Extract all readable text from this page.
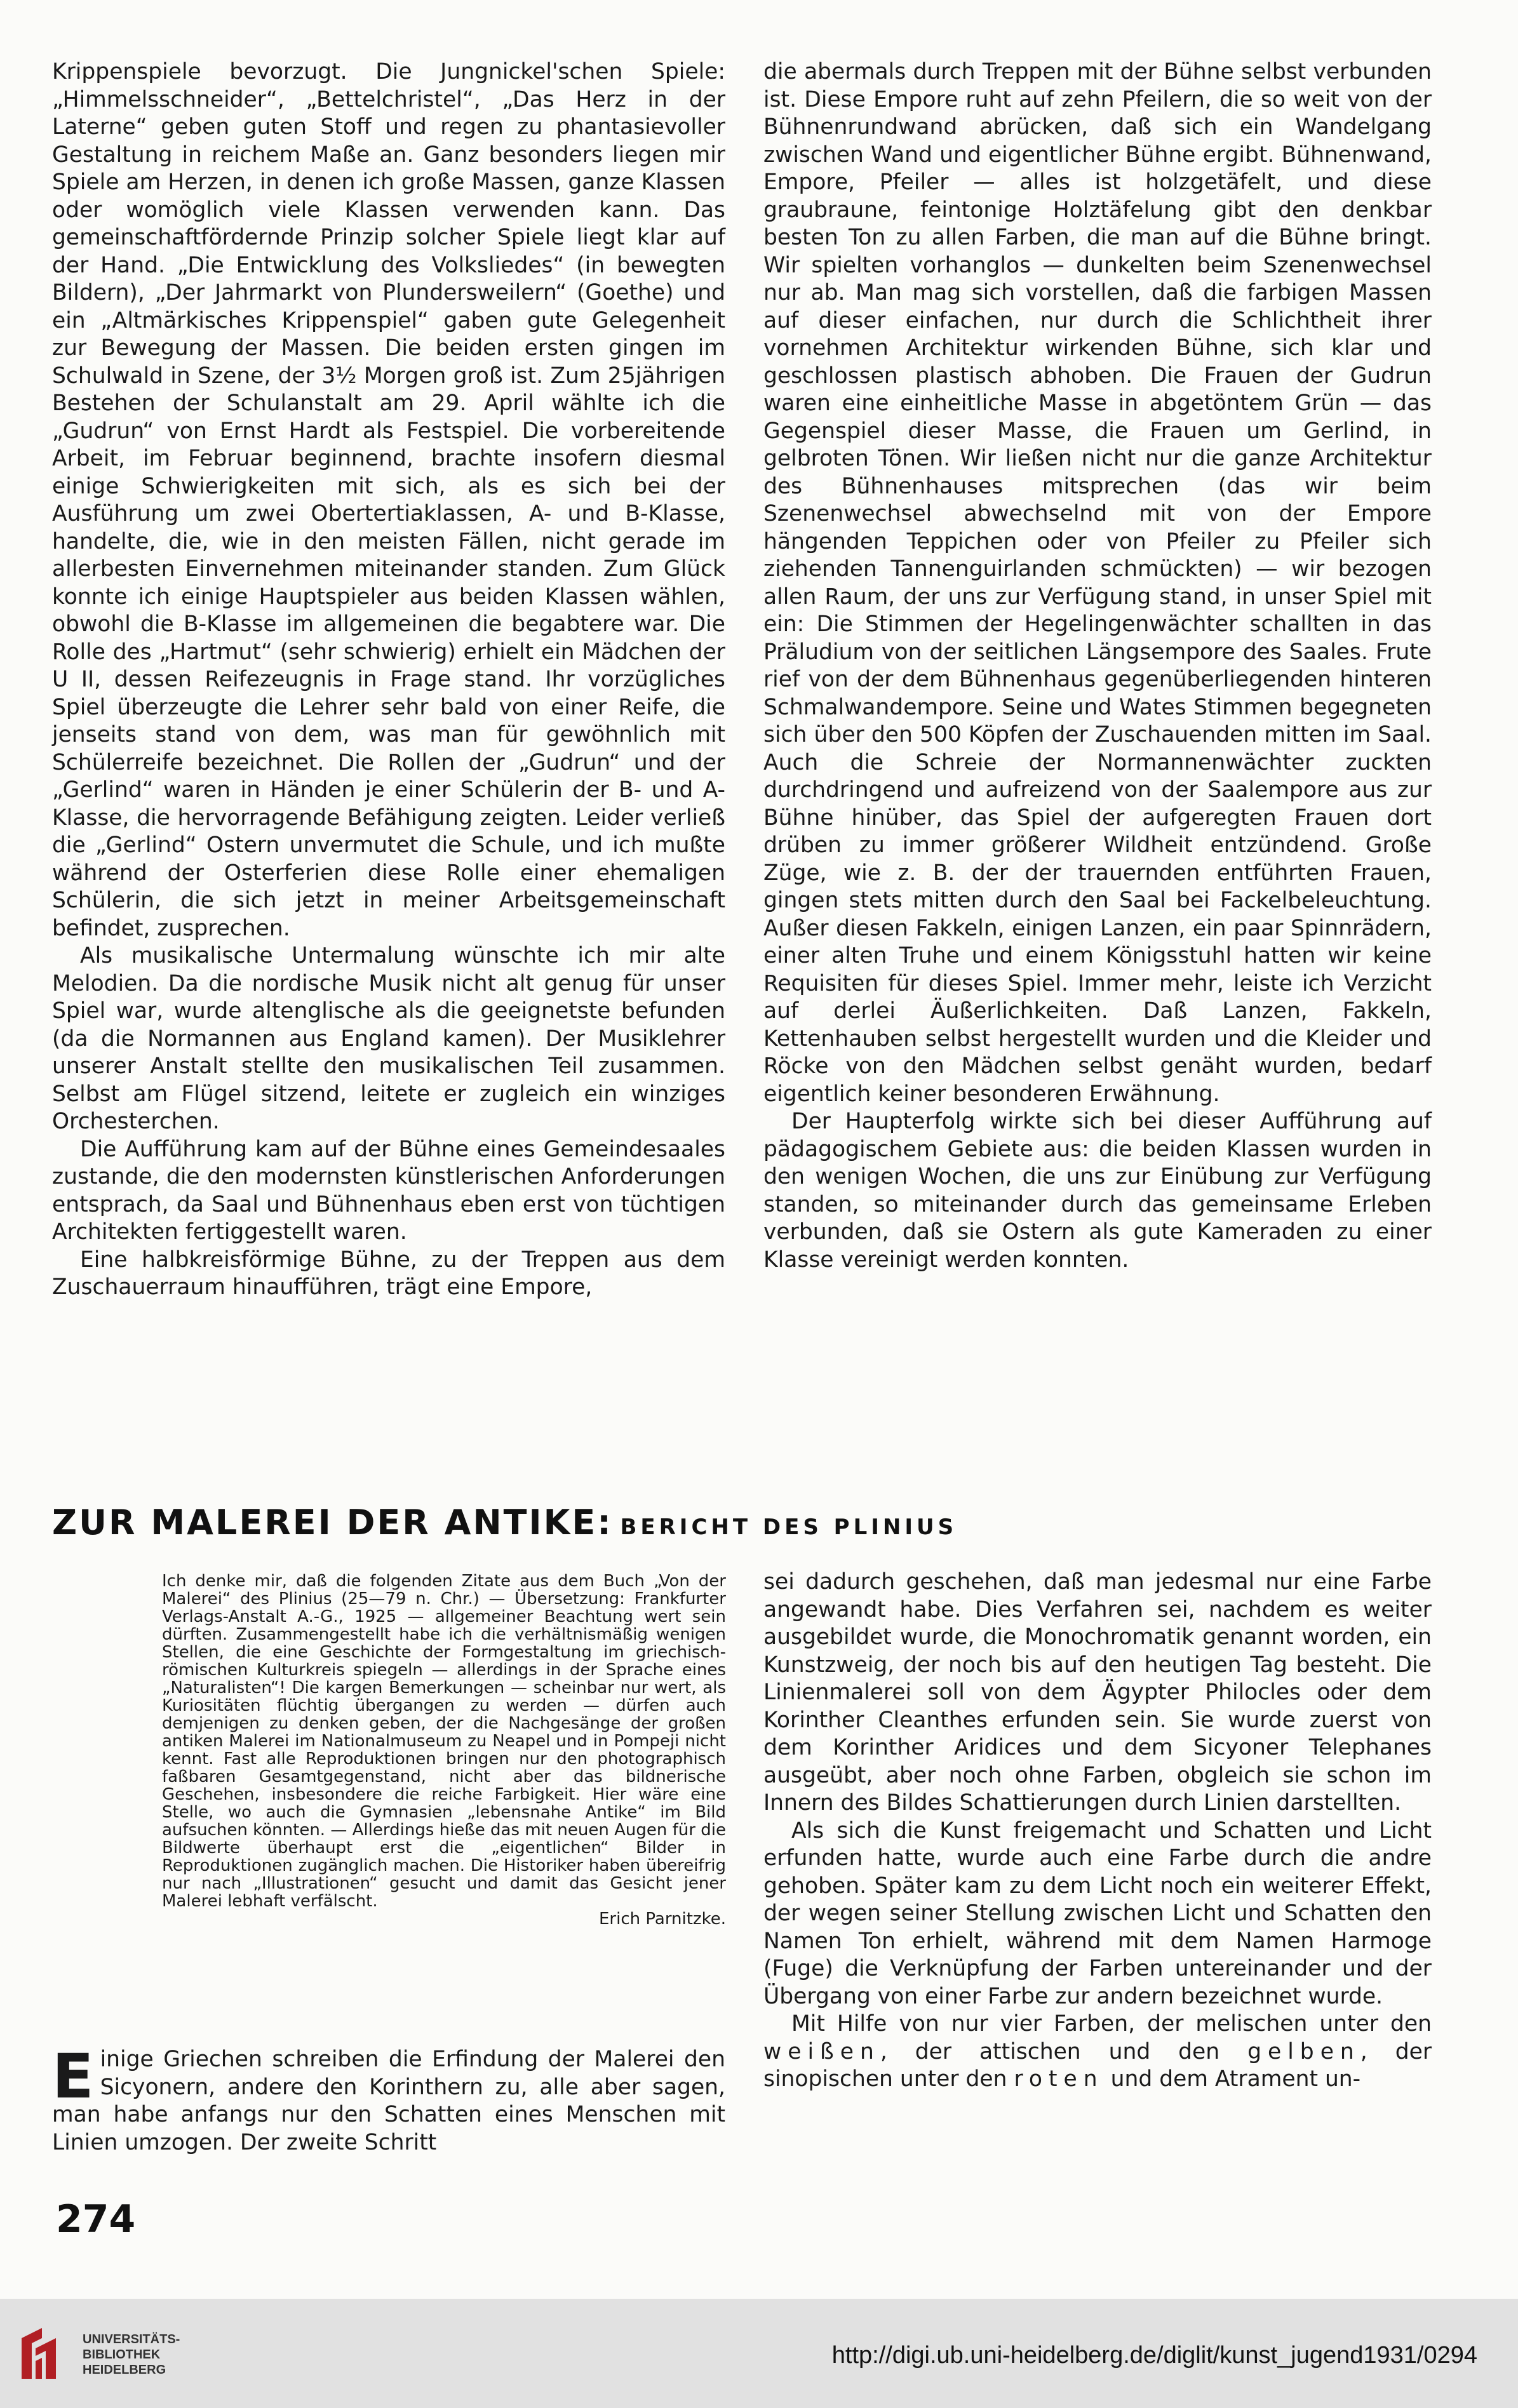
Krippenspiele bevorzugt. Die Jungnickel'schen Spiele: „Himmelsschneider“, „Bettelchristel“, „Das Herz in der Laterne“ geben guten Stoff und regen zu phantasievoller Gestaltung in reichem Maße an. Ganz besonders liegen mir Spiele am Herzen, in denen ich große Massen, ganze Klassen oder womöglich viele Klassen verwenden kann. Das gemeinschaftfördernde Prinzip solcher Spiele liegt klar auf der Hand. „Die Entwicklung des Volksliedes“ (in bewegten Bildern), „Der Jahrmarkt von Plundersweilern“ (Goethe) und ein „Altmärkisches Krippenspiel“ gaben gute Gelegenheit zur Bewegung der Massen. Die beiden ersten gingen im Schulwald in Szene, der 3½ Morgen groß ist. Zum 25jährigen Bestehen der Schulanstalt am 29. April wählte ich die „Gudrun“ von Ernst Hardt als Festspiel. Die vorbereitende Arbeit, im Februar beginnend, brachte insofern diesmal einige Schwierigkeiten mit sich, als es sich bei der Ausführung um zwei Obertertiaklassen, A- und B-Klasse, handelte, die, wie in den meisten Fällen, nicht gerade im allerbesten Einvernehmen miteinander standen. Zum Glück konnte ich einige Hauptspieler aus beiden Klassen wählen, obwohl die B-Klasse im allgemeinen die begabtere war. Die Rolle des „Hartmut“ (sehr schwierig) erhielt ein Mädchen der U II, dessen Reifezeugnis in Frage stand. Ihr vorzügliches Spiel überzeugte die Lehrer sehr bald von einer Reife, die jenseits stand von dem, was man für gewöhnlich mit Schülerreife bezeichnet. Die Rollen der „Gudrun“ und der „Gerlind“ waren in Händen je einer Schülerin der B- und A-Klasse, die hervorragende Befähigung zeigten. Leider verließ die „Gerlind“ Ostern unvermutet die Schule, und ich mußte während der Osterferien diese Rolle einer ehemaligen Schülerin, die sich jetzt in meiner Arbeitsgemeinschaft befindet, zusprechen.

Als musikalische Untermalung wünschte ich mir alte Melodien. Da die nordische Musik nicht alt genug für unser Spiel war, wurde altenglische als die geeignetste befunden (da die Normannen aus England kamen). Der Musiklehrer unserer Anstalt stellte den musikalischen Teil zusammen. Selbst am Flügel sitzend, leitete er zugleich ein winziges Orchesterchen.

Die Aufführung kam auf der Bühne eines Gemeindesaales zustande, die den modernsten künstlerischen Anforderungen entsprach, da Saal und Bühnenhaus eben erst von tüchtigen Architekten fertiggestellt waren.

Eine halbkreisförmige Bühne, zu der Treppen aus dem Zuschauerraum hinaufführen, trägt eine Empore,

die abermals durch Treppen mit der Bühne selbst verbunden ist. Diese Empore ruht auf zehn Pfeilern, die so weit von der Bühnenrundwand abrücken, daß sich ein Wandelgang zwischen Wand und eigentlicher Bühne ergibt. Bühnenwand, Empore, Pfeiler — alles ist holzgetäfelt, und diese graubraune, feintonige Holztäfelung gibt den denkbar besten Ton zu allen Farben, die man auf die Bühne bringt. Wir spielten vorhanglos — dunkelten beim Szenenwechsel nur ab. Man mag sich vorstellen, daß die farbigen Massen auf dieser einfachen, nur durch die Schlichtheit ihrer vornehmen Architektur wirkenden Bühne, sich klar und geschlossen plastisch abhoben. Die Frauen der Gudrun waren eine einheitliche Masse in abgetöntem Grün — das Gegenspiel dieser Masse, die Frauen um Gerlind, in gelbroten Tönen. Wir ließen nicht nur die ganze Architektur des Bühnenhauses mitsprechen (das wir beim Szenenwechsel abwechselnd mit von der Empore hängenden Teppichen oder von Pfeiler zu Pfeiler sich ziehenden Tannenguirlanden schmückten) — wir bezogen allen Raum, der uns zur Verfügung stand, in unser Spiel mit ein: Die Stimmen der Hegelingenwächter schallten in das Präludium von der seitlichen Längsempore des Saales. Frute rief von der dem Bühnenhaus gegenüberliegenden hinteren Schmalwandempore. Seine und Wates Stimmen begegneten sich über den 500 Köpfen der Zuschauenden mitten im Saal. Auch die Schreie der Normannenwächter zuckten durchdringend und aufreizend von der Saalempore aus zur Bühne hinüber, das Spiel der aufgeregten Frauen dort drüben zu immer größerer Wildheit entzündend. Große Züge, wie z. B. der der trauernden entführten Frauen, gingen stets mitten durch den Saal bei Fackelbeleuchtung. Außer diesen Fakkeln, einigen Lanzen, ein paar Spinnrädern, einer alten Truhe und einem Königsstuhl hatten wir keine Requisiten für dieses Spiel. Immer mehr, leiste ich Verzicht auf derlei Äußerlichkeiten. Daß Lanzen, Fakkeln, Kettenhauben selbst hergestellt wurden und die Kleider und Röcke von den Mädchen selbst genäht wurden, bedarf eigentlich keiner besonderen Erwähnung.

Der Haupterfolg wirkte sich bei dieser Aufführung auf pädagogischem Gebiete aus: die beiden Klassen wurden in den wenigen Wochen, die uns zur Einübung zur Verfügung standen, so miteinander durch das gemeinsame Erleben verbunden, daß sie Ostern als gute Kameraden zu einer Klasse vereinigt werden konnten.

ZUR MALEREI DER ANTIKE: BERICHT DES PLINIUS

Ich denke mir, daß die folgenden Zitate aus dem Buch „Von der Malerei“ des Plinius (25—79 n. Chr.) — Übersetzung: Frankfurter Verlags-Anstalt A.-G., 1925 — allgemeiner Beachtung wert sein dürften. Zusammengestellt habe ich die verhältnismäßig wenigen Stellen, die eine Geschichte der Formgestaltung im griechisch-römischen Kulturkreis spiegeln — allerdings in der Sprache eines „Naturalisten“! Die kargen Bemerkungen — scheinbar nur wert, als Kuriositäten flüchtig übergangen zu werden — dürfen auch demjenigen zu denken geben, der die Nachgesänge der großen antiken Malerei im Nationalmuseum zu Neapel und in Pompeji nicht kennt. Fast alle Reproduktionen bringen nur den photographisch faßbaren Gesamtgegenstand, nicht aber das bildnerische Geschehen, insbesondere die reiche Farbigkeit. Hier wäre eine Stelle, wo auch die Gymnasien „lebensnahe Antike“ im Bild aufsuchen könnten. — Allerdings hieße das mit neuen Augen für die Bildwerte überhaupt erst die „eigentlichen“ Bilder in Reproduktionen zugänglich machen. Die Historiker haben übereifrig nur nach „Illustrationen“ gesucht und damit das Gesicht jener Malerei lebhaft verfälscht.

Erich Parnitzke.

E inige Griechen schreiben die Erfindung der Malerei den Sicyonern, andere den Korinthern zu, alle aber sagen, man habe anfangs nur den Schatten eines Menschen mit Linien umzogen. Der zweite Schritt

sei dadurch geschehen, daß man jedesmal nur eine Farbe angewandt habe. Dies Verfahren sei, nachdem es weiter ausgebildet wurde, die Monochromatik genannt worden, ein Kunstzweig, der noch bis auf den heutigen Tag besteht. Die Linienmalerei soll von dem Ägypter Philocles oder dem Korinther Cleanthes erfunden sein. Sie wurde zuerst von dem Korinther Aridices und dem Sicyoner Telephanes ausgeübt, aber noch ohne Farben, obgleich sie schon im Innern des Bildes Schattierungen durch Linien darstellten.

Als sich die Kunst freigemacht und Schatten und Licht erfunden hatte, wurde auch eine Farbe durch die andre gehoben. Später kam zu dem Licht noch ein weiterer Effekt, der wegen seiner Stellung zwischen Licht und Schatten den Namen Ton erhielt, während mit dem Namen Harmoge (Fuge) die Verknüpfung der Farben untereinander und der Übergang von einer Farbe zur andern bezeichnet wurde.

Mit Hilfe von nur vier Farben, der melischen unter den weißen, der attischen und den gelben, der sinopischen unter den roten und dem Atrament un-

274
UNIVERSITÄTS-
BIBLIOTHEK
HEIDELBERG
http://digi.ub.uni-heidelberg.de/diglit/kunst_jugend1931/0294
